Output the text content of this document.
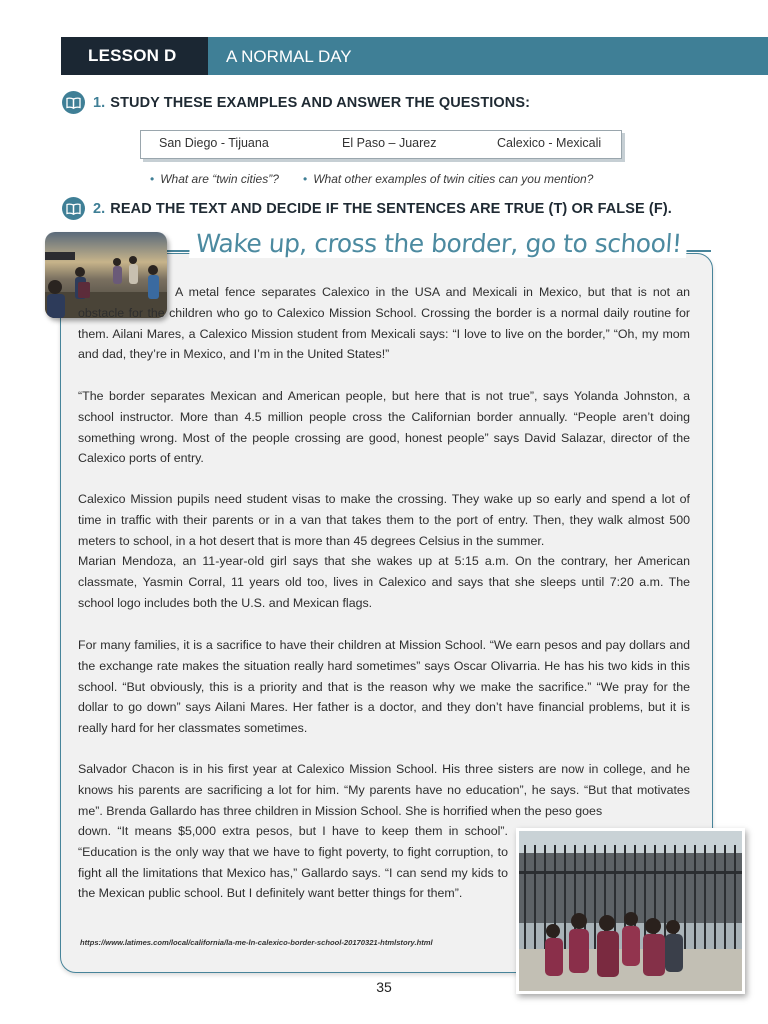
LESSON D	A NORMAL DAY
1. STUDY THESE EXAMPLES AND ANSWER THE QUESTIONS:
San Diego - Tijuana	El Paso – Juarez	Calexico - Mexicali
• What are “twin cities”? • What other examples of twin cities can you mention?
2. READ THE TEXT AND DECIDE IF THE SENTENCES ARE TRUE (T) OR FALSE (F).
Wake up, cross the border, go to school!
A metal fence separates Calexico in the USA and Mexicali in Mexico, but that is not an obstacle for the children who go to Calexico Mission School. Crossing the border is a normal daily routine for them. Ailani Mares, a Calexico Mission student from Mexicali says: “I love to live on the border,” “Oh, my mom and dad, they’re in Mexico, and I’m in the United States!”
“The border separates Mexican and American people, but here that is not true”, says Yolanda Johnston, a school instructor. More than 4.5 million people cross the Californian border annually. “People aren’t doing something wrong. Most of the people crossing are good, honest people” says David Salazar, director of the Calexico ports of entry.
Calexico Mission pupils need student visas to make the crossing. They wake up so early and spend a lot of time in traffic with their parents or in a van that takes them to the port of entry. Then, they walk almost 500 meters to school, in a hot desert that is more than 45 degrees Celsius in the summer.
Marian Mendoza, an 11-year-old girl says that she wakes up at 5:15 a.m. On the contrary, her American classmate, Yasmin Corral, 11 years old too, lives in Calexico and says that she sleeps until 7:20 a.m. The school logo includes both the U.S. and Mexican flags.
For many families, it is a sacrifice to have their children at Mission School. “We earn pesos and pay dollars and the exchange rate makes the situation really hard sometimes” says Oscar Olivarria. He has his two kids in this school. “But obviously, this is a priority and that is the reason why we make the sacrifice.” “We pray for the dollar to go down” says Ailani Mares. Her father is a doctor, and they don’t have financial problems, but it is really hard for her classmates sometimes.
Salvador Chacon is in his first year at Calexico Mission School. His three sisters are now in college, and he knows his parents are sacrificing a lot for him. “My parents have no education”, he says. “But that motivates me”. Brenda Gallardo has three children in Mission School. She is horrified when the peso goes
down. “It means $5,000 extra pesos, but I have to keep them in school”. “Education is the only way that we have to fight poverty, to fight corruption, to fight all the limitations that Mexico has,” Gallardo says. “I can send my kids to the Mexican public school. But I definitely want better things for them”.
https://www.latimes.com/local/california/la-me-ln-calexico-border-school-20170321-htmlstory.html
35
